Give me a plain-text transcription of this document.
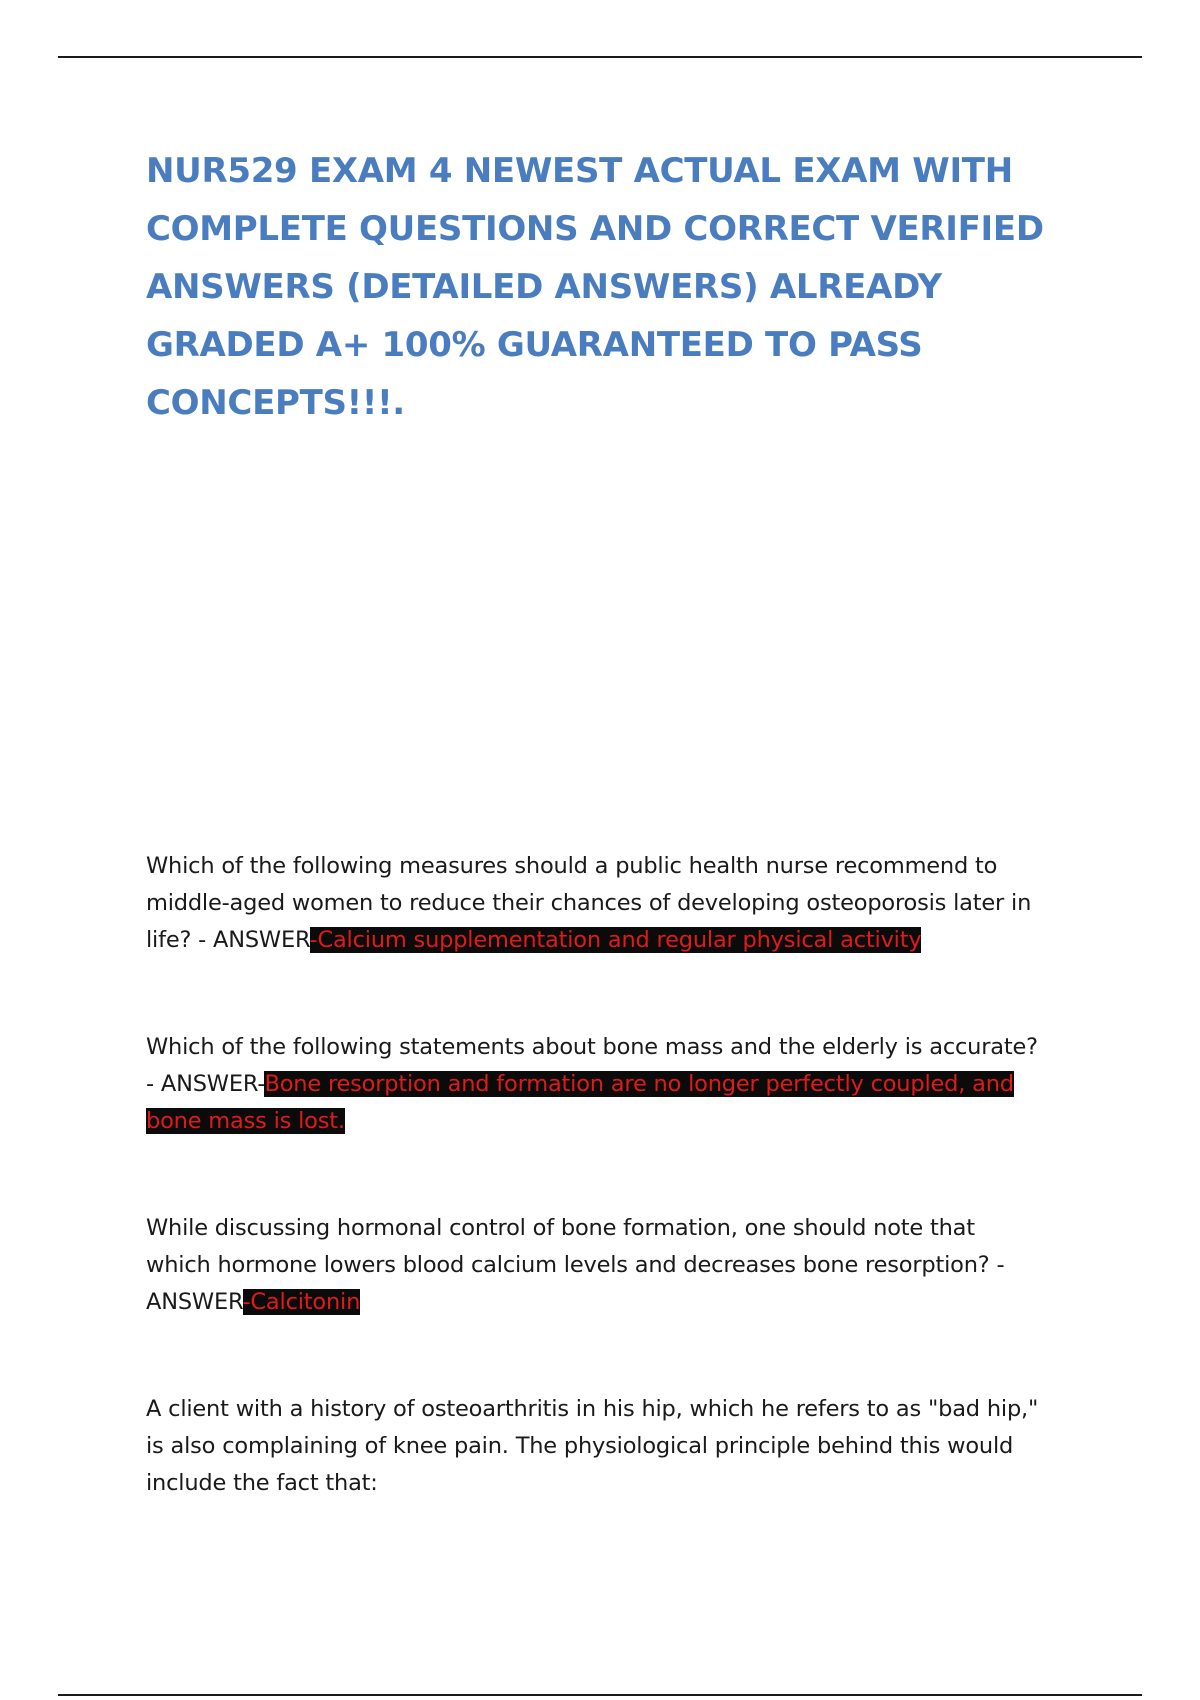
NUR529 EXAM 4 NEWEST ACTUAL EXAM WITH COMPLETE QUESTIONS AND CORRECT VERIFIED ANSWERS (DETAILED ANSWERS) ALREADY GRADED A+ 100% GUARANTEED TO PASS CONCEPTS!!!.

Which of the following measures should a public health nurse recommend to middle-aged women to reduce their chances of developing osteoporosis later in life? - ANSWER-Calcium supplementation and regular physical activity

Which of the following statements about bone mass and the elderly is accurate? - ANSWER-Bone resorption and formation are no longer perfectly coupled, and bone mass is lost.

While discussing hormonal control of bone formation, one should note that which hormone lowers blood calcium levels and decreases bone resorption? - ANSWER-Calcitonin

A client with a history of osteoarthritis in his hip, which he refers to as "bad hip," is also complaining of knee pain. The physiological principle behind this would include the fact that:
